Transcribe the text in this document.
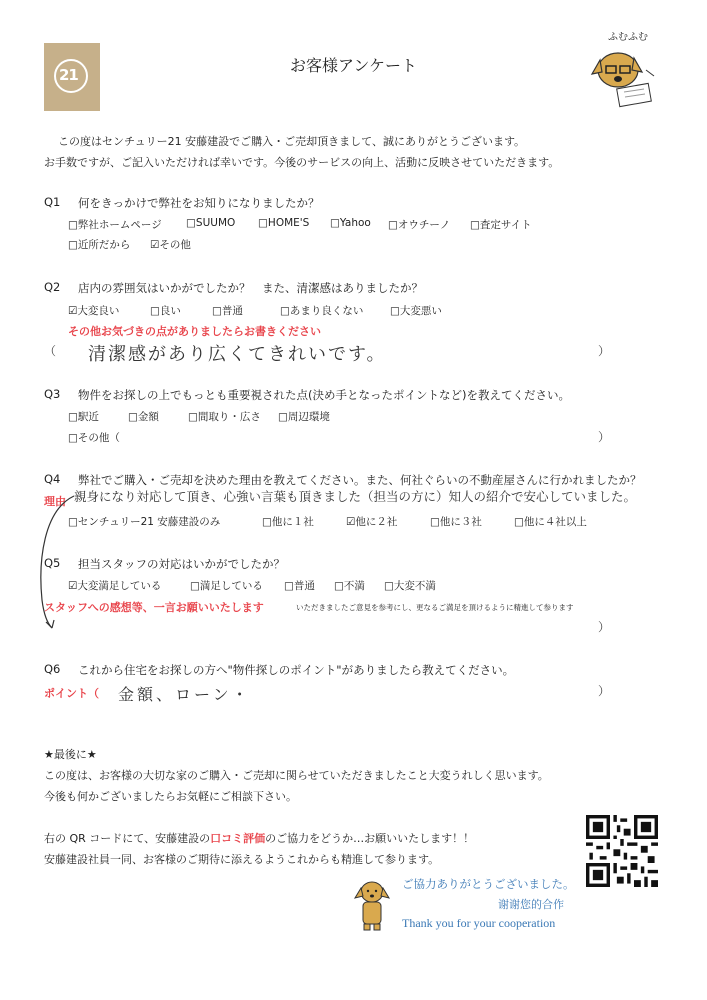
21	お客様アンケート
ふむふむ
この度はセンチュリー21 安藤建設でご購入・ご売却頂きまして、誠にありがとうございます。
お手数ですが、ご記入いただければ幸いです。今後のサービスの向上、活動に反映させていただきます。
Q1 何をきっかけで弊社をお知りになりましたか？
□弊社ホームページ □SUUMO □HOME'S □Yahoo □オウチーノ □査定サイト
□近所だから ☑その他
Q2 店内の雰囲気はいかがでしたか？　また、清潔感はありましたか？
☑大変良い	□良い	□普通	□あまり良くない	□大変悪い
その他お気づきの点がありましたらお書きください
（ 清潔感があり広くてきれいです。	）
Q3 物件をお探しの上でもっとも重要視された点(決め手となったポイントなど)を教えてください。
□駅近	□金額	□間取り・広さ □周辺環境
□その他（	）
Q4 弊社でご購入・ご売却を決めた理由を教えてください。また、何社ぐらいの不動産屋さんに行かれましたか？
理由 親身になり対応して頂き、心強い言葉も頂きました（担当の方に）知人の紹介で安心していました。
□センチュリー21 安藤建設のみ	□他に１社	☑他に２社	□他に３社	□他に４社以上
Q5 担当スタッフの対応はいかがでしたか？
☑大変満足している	□満足している □普通 □不満 □大変不満
スタッフへの感想等、一言お願いいたします	いただきましたご意見を参考にし、更なるご満足を頂けるように精進して参ります
）
Q6 これから住宅をお探しの方へ"物件探しのポイント"がありましたら教えてください。
ポイント（ 金額、ローン・	）
★最後に★
この度は、お客様の大切な家のご購入・ご売却に関らせていただきましたこと大変うれしく思います。
今後も何かございましたらお気軽にご相談下さい。
右の QR コードにて、安藤建設の口コミ評価のご協力をどうか…お願いいたします！！
安藤建設社員一同、お客様のご期待に添えるようこれからも精進して参ります。
ご協力ありがとうございました。
谢谢您的合作
Thank you for your cooperation
